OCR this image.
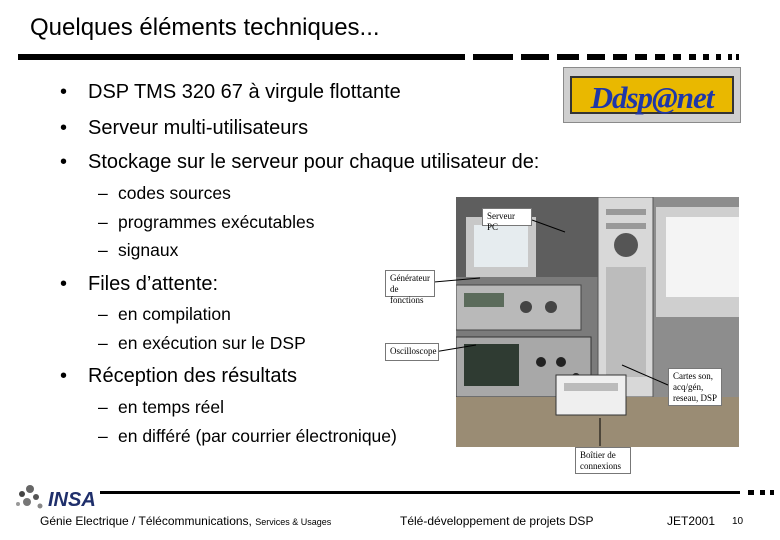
Quelques éléments techniques...
Ddsp@net
• DSP TMS 320 67 à virgule flottante
• Serveur multi-utilisateurs
• Stockage sur le serveur pour chaque utilisateur de:
• Files d’attente:
• Réception des résultats
– codes sources
– programmes exécutables
– signaux
– en compilation
– en exécution sur le DSP
– en temps réel
– en différé (par courrier électronique)
Serveur PC
Générateur
de fonctions
Oscilloscope
Cartes son,
acq/gén,
reseau, DSP
Boîtier de
connexions
INSA
Génie Electrique / Télécommunications, Services & Usages	Télé-développement de projets DSP	JET2001 10
